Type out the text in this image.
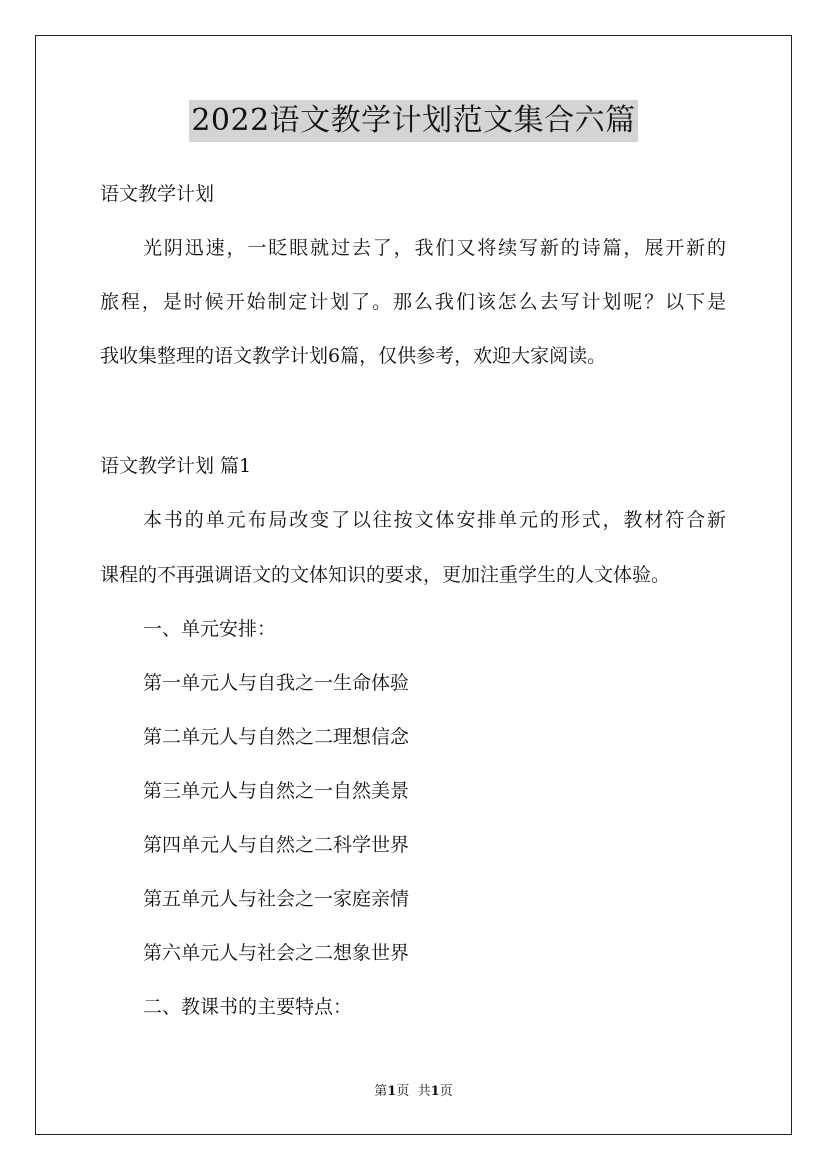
2022语文教学计划范文集合六篇
语文教学计划
光阴迅速，一眨眼就过去了，我们又将续写新的诗篇，展开新的
旅程，是时候开始制定计划了。那么我们该怎么去写计划呢？以下是
我收集整理的语文教学计划6篇，仅供参考，欢迎大家阅读。
语文教学计划 篇1
本书的单元布局改变了以往按文体安排单元的形式，教材符合新
课程的不再强调语文的文体知识的要求，更加注重学生的人文体验。
一、单元安排：
第一单元人与自我之一生命体验
第二单元人与自然之二理想信念
第三单元人与自然之一自然美景
第四单元人与自然之二科学世界
第五单元人与社会之一家庭亲情
第六单元人与社会之二想象世界
二、教课书的主要特点：
第1页 共1页
